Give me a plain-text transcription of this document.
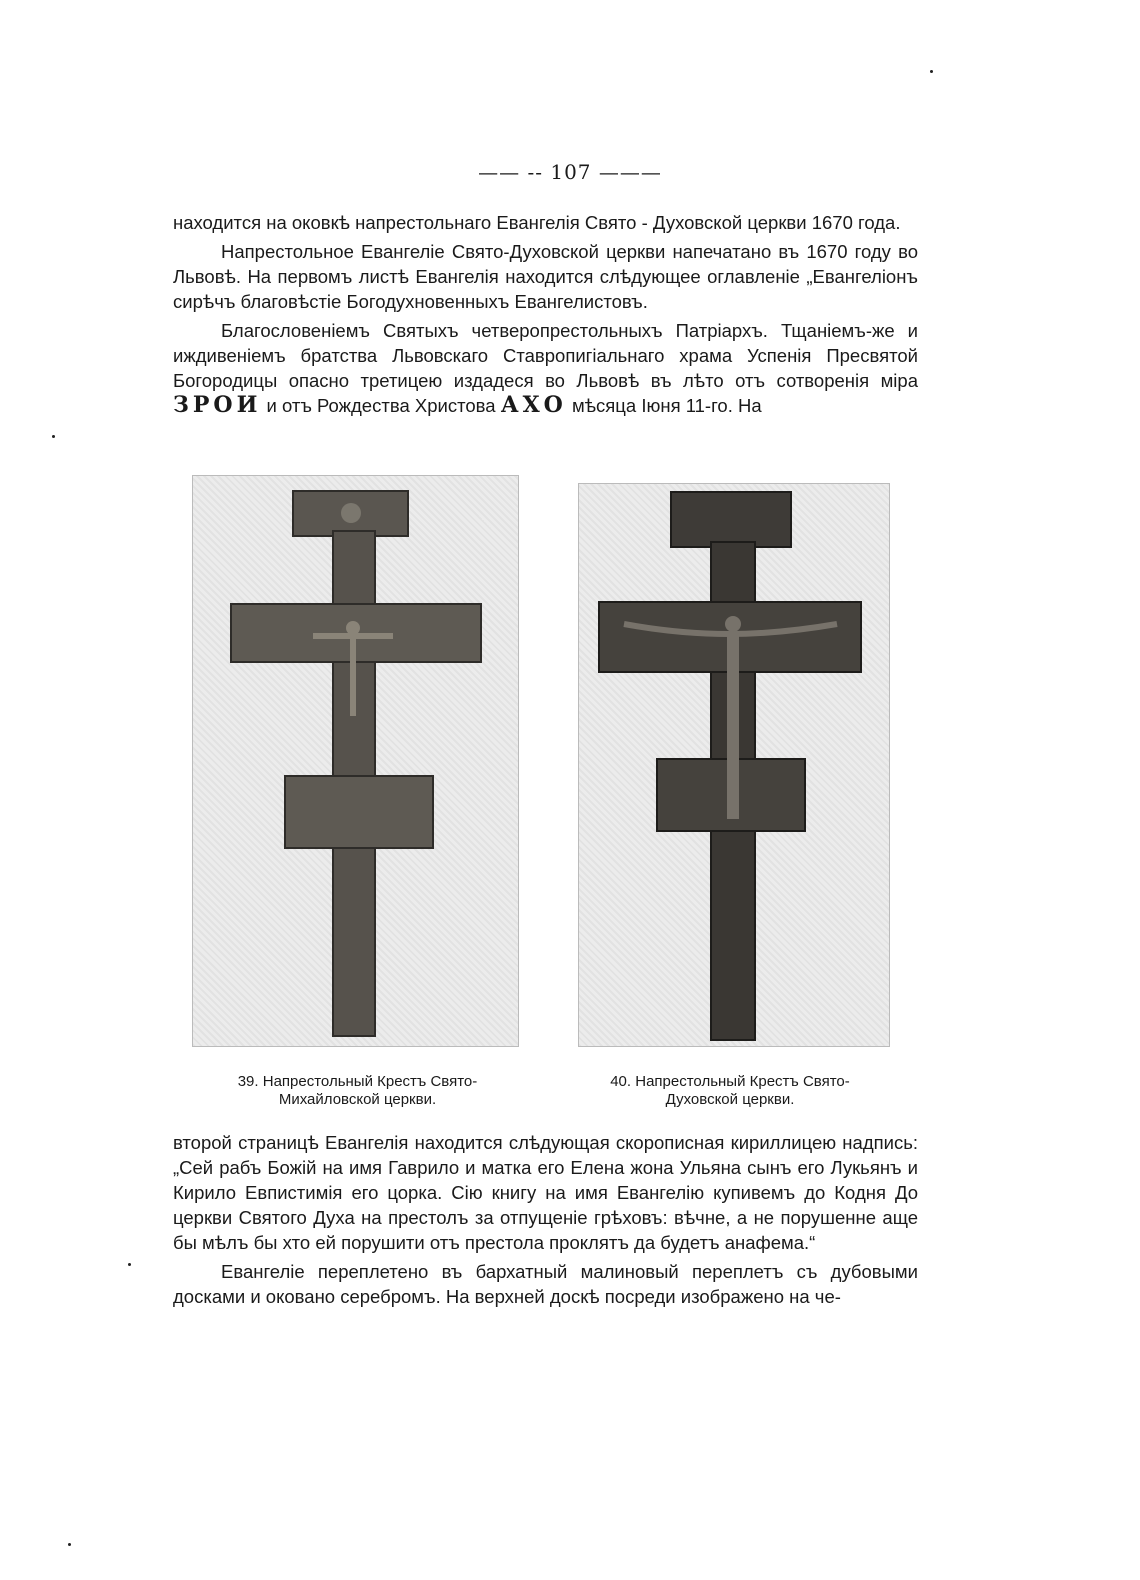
—— -- 107 ———

находится на оковкѣ напрестольнаго Евангелія Свято - Духовской церкви 1670 года.

Напрестольное Евангеліе Свято-Духовской церкви напечатано въ 1670 году во Львовѣ. На первомъ листѣ Евангелія находится слѣдующее оглавленіе „Евангеліонъ сирѣчъ благовѣстіе Богодухновенныхъ Евангелистовъ.

Благословеніемъ Святыхъ четверопрестольныхъ Патріархъ. Тщаніемъ-же и иждивеніемъ братства Львовскаго Ставропигіальнаго храма Успенія Пресвятой Богородицы опасно третицею издадеся во Львовѣ въ лѣто отъ сотворенія міра ЗРОИ и отъ Рождества Христова АХО мѣсяца Іюня 11-го. На

39. Напрестольный Крестъ Свято-Михайловской церкви.
40. Напрестольный Крестъ Свято-Духовской церкви.

второй страницѣ Евангелія находится слѣдующая скорописная кириллицею надпись: „Сей рабъ Божій на имя Гаврило и матка его Елена жона Ульяна сынъ его Лукьянъ и Кирило Евпистимія его цорка. Сію книгу на имя Евангелію купивемъ до Кодня До церкви Святого Духа на престолъ за отпущеніе грѣховъ: вѣчне, а не порушенне аще бы мѣлъ бы хто ей порушити отъ престола проклятъ да будетъ анафема.“

Евангеліе переплетено въ бархатный малиновый переплетъ съ дубовыми досками и окованo серебромъ. На верхней доскѣ посреди изображено на че-
